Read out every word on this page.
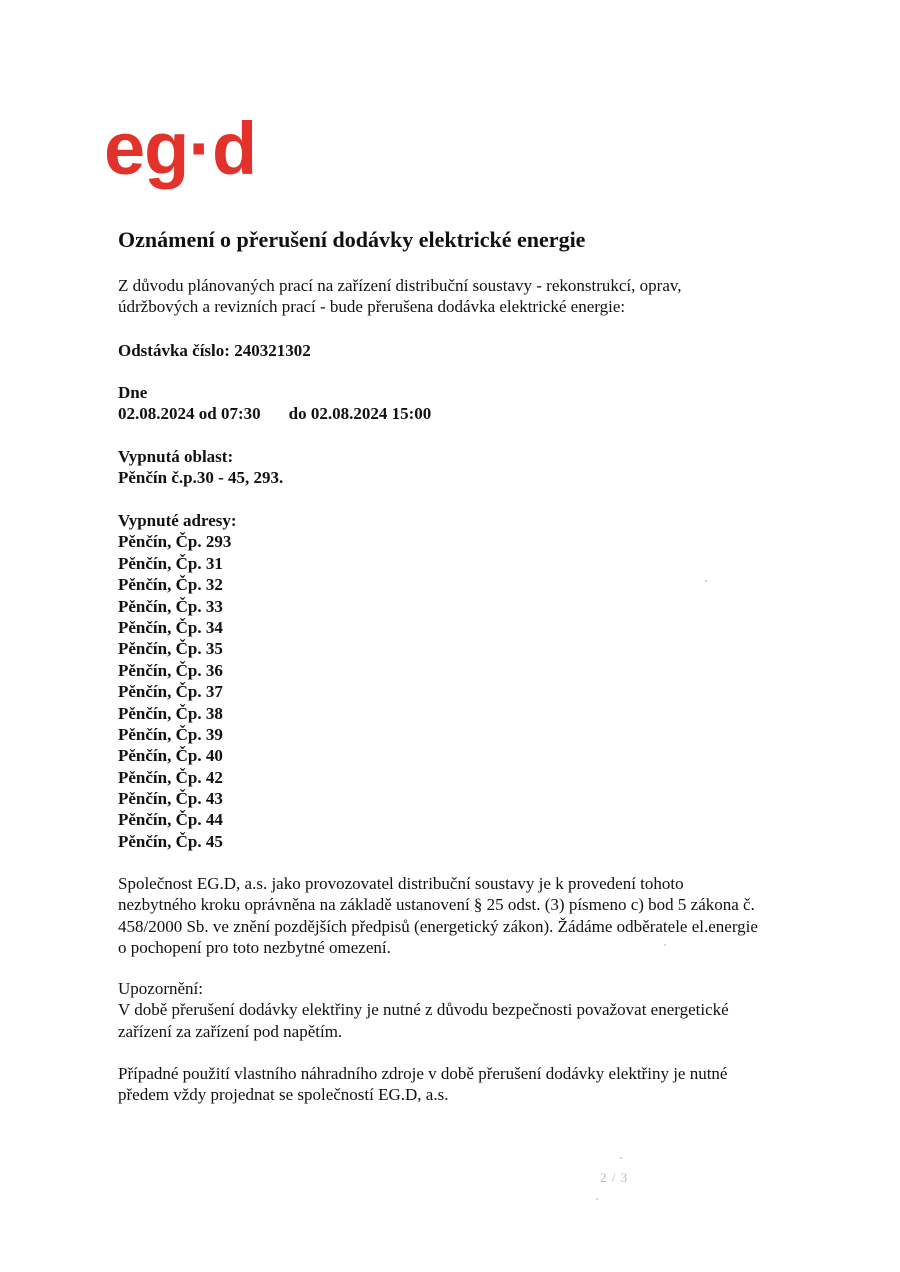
eg·d
Oznámení o přerušení dodávky elektrické energie
Z důvodu plánovaných prací na zařízení distribuční soustavy - rekonstrukcí, oprav,
údržbových a revizních prací - bude přerušena dodávka elektrické energie:
Odstávka číslo: 240321302
Dne
02.08.2024 od 07:30 do 02.08.2024 15:00
Vypnutá oblast:
Pěnčín č.p.30 - 45, 293.
Vypnuté adresy:
Pěnčín, Čp. 293
Pěnčín, Čp. 31
Pěnčín, Čp. 32
Pěnčín, Čp. 33
Pěnčín, Čp. 34
Pěnčín, Čp. 35
Pěnčín, Čp. 36
Pěnčín, Čp. 37
Pěnčín, Čp. 38
Pěnčín, Čp. 39
Pěnčín, Čp. 40
Pěnčín, Čp. 42
Pěnčín, Čp. 43
Pěnčín, Čp. 44
Pěnčín, Čp. 45
Společnost EG.D, a.s. jako provozovatel distribuční soustavy je k provedení tohoto
nezbytného kroku oprávněna na základě ustanovení § 25 odst. (3) písmeno c) bod 5 zákona č.
458/2000 Sb. ve znění pozdějších předpisů (energetický zákon). Žádáme odběratele el.energie
o pochopení pro toto nezbytné omezení.
Upozornění:
V době přerušení dodávky elektřiny je nutné z důvodu bezpečnosti považovat energetické
zařízení za zařízení pod napětím.
Případné použití vlastního náhradního zdroje v době přerušení dodávky elektřiny je nutné
předem vždy projednat se společností EG.D, a.s.
2 / 3
